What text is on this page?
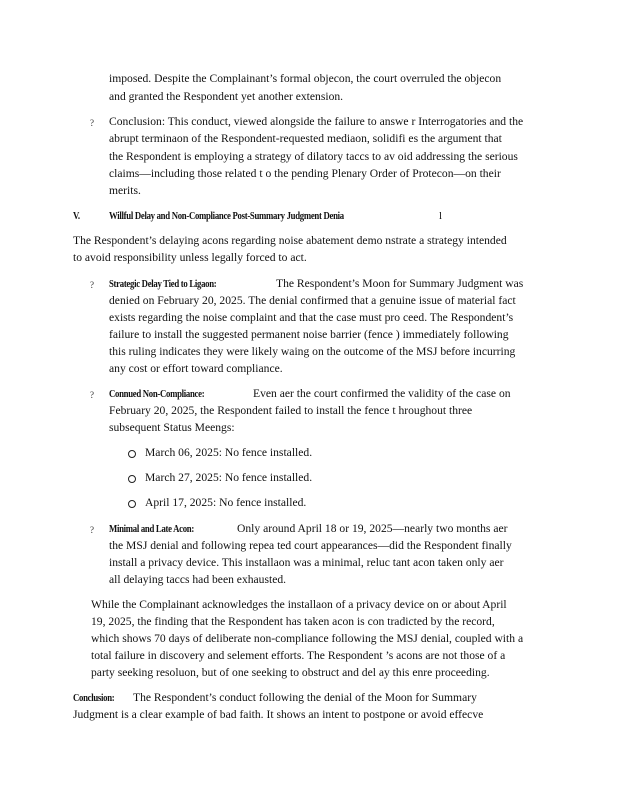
imposed. Despite the Complainant’s formal objecon, the court overruled the objecon
and granted the Respondent yet another extension.
? Conclusion: This conduct, viewed alongside the failure to answe r Interrogatories and the
abrupt terminaon of the Respondent-requested mediaon, solidifi es the argument that
the Respondent is employing a strategy of dilatory taccs to av oid addressing the serious
claims—including those related t o the pending Plenary Order of Protecon—on their
merits.
V.	Willful Delay and Non-Compliance Post-Summary Judgment Denia	l
The Respondent’s delaying acons regarding noise abatement demo nstrate a strategy intended
to avoid responsibility unless legally forced to act.
? Strategic Delay Tied to Ligaon:	The Respondent’s Moon for Summary Judgment was
denied on February 20, 2025. The denial confirmed that a genuine issue of material fact
exists regarding the noise complaint and that the case must pro ceed. The Respondent’s
failure to install the suggested permanent noise barrier (fence ) immediately following
this ruling indicates they were likely waing on the outcome of the MSJ before incurring
any cost or effort toward compliance.
? Connued Non-Compliance:	Even aer the court confirmed the validity of the case on
February 20, 2025, the Respondent failed to install the fence t hroughout three
subsequent Status Meengs:
March 06, 2025: No fence installed.
March 27, 2025: No fence installed.
April 17, 2025: No fence installed.
? Minimal and Late Acon:	Only around April 18 or 19, 2025—nearly two months aer
the MSJ denial and following repea ted court appearances—did the Respondent finally
install a privacy device. This installaon was a minimal, reluc tant acon taken only aer
all delaying taccs had been exhausted.
While the Complainant acknowledges the installaon of a privacy device on or about April
19, 2025, the finding that the Respondent has taken acon is con tradicted by the record,
which shows 70 days of deliberate non-compliance following the MSJ denial, coupled with a
total failure in discovery and selement efforts. The Respondent ’s acons are not those of a
party seeking resoluon, but of one seeking to obstruct and del ay this enre proceeding.
Conclusion:	The Respondent’s conduct following the denial of the Moon for Summary
Judgment is a clear example of bad faith. It shows an intent to postpone or avoid effecve
